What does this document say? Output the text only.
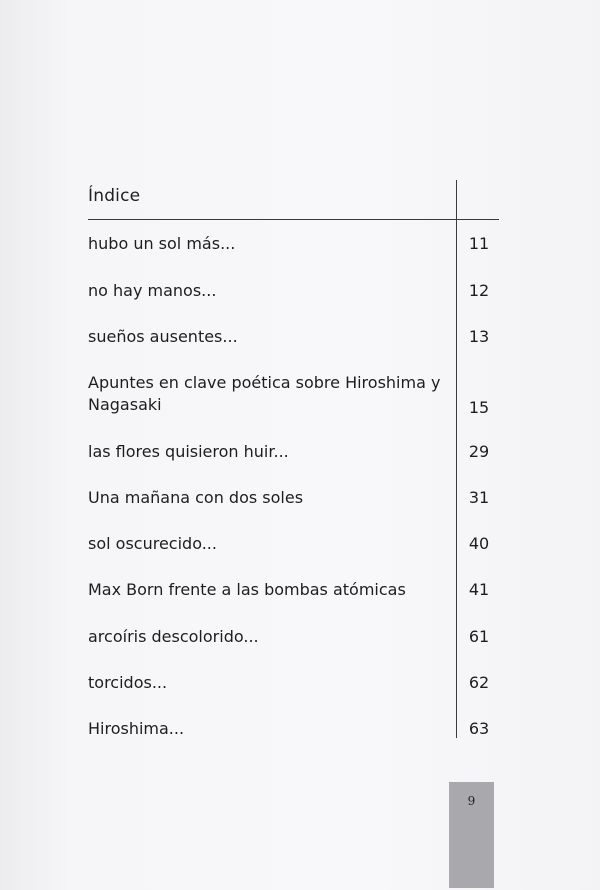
Índice
hubo un sol más...	11
no hay manos...	12
sueños ausentes...	13
Apuntes en clave poética sobre Hiroshima y Nagasaki	15
las flores quisieron huir...	29
Una mañana con dos soles	31
sol oscurecido...	40
Max Born frente a las bombas atómicas	41
arcoíris descolorido...	61
torcidos...	62
Hiroshima...	63
9
